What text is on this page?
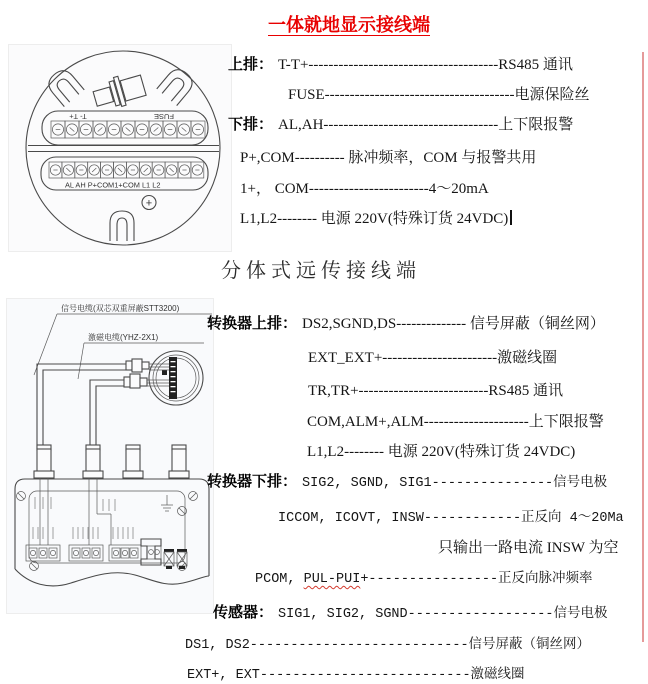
一体就地显示接线端
T- T+	FUSE
AL AH P+COM1+COM L1 L2
+
上排： T-T+--------------------------------------RS485 通讯
FUSE--------------------------------------电源保险丝
下排： AL,AH-----------------------------------上下限报警
P+,COM---------- 脉冲频率，COM 与报警共用
1+， COM------------------------4～20mA
L1,L2-------- 电源 220V(特殊订货 24VDC)
分体式远传接线端
信号电缆(双芯双重屏蔽STT3200)
激磁电缆(YHZ-2X1)
转换器上排： DS2,SGND,DS-------------- 信号屏蔽（铜丝网）
EXT_EXT+-----------------------激磁线圈
TR,TR+--------------------------RS485 通讯
COM,ALM+,ALM---------------------上下限报警
L1,L2-------- 电源 220V(特殊订货 24VDC)
转换器下排： SIG2, SGND, SIG1---------------信号电极
ICCOM, ICOVT, INSW------------正反向 4～20Ma
只输出一路电流 INSW 为空
PCOM, PUL-PUI+----------------正反向脉冲频率
传感器： SIG1, SIG2, SGND------------------信号电极
DS1, DS2---------------------------信号屏蔽（铜丝网）
EXT+, EXT--------------------------激磁线圈
